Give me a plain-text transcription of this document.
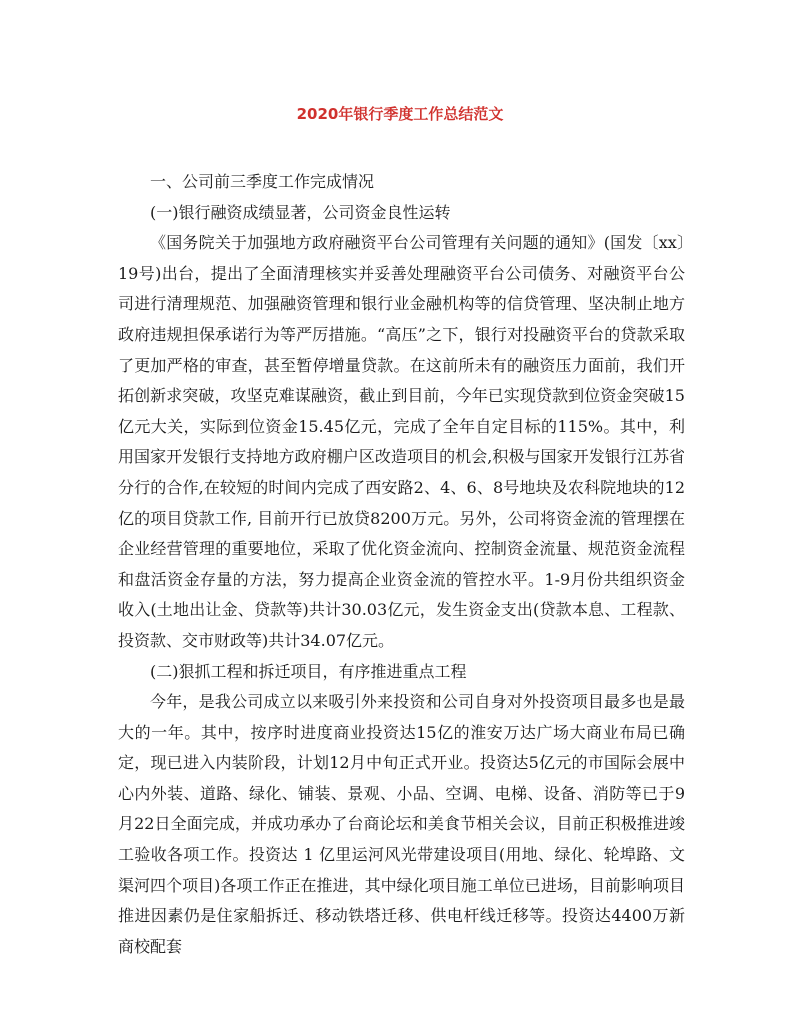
2020年银行季度工作总结范文

一、公司前三季度工作完成情况

(一)银行融资成绩显著，公司资金良性运转

《国务院关于加强地方政府融资平台公司管理有关问题的通知》(国发〔xx〕19号)出台，提出了全面清理核实并妥善处理融资平台公司债务、对融资平台公司进行清理规范、加强融资管理和银行业金融机构等的信贷管理、坚决制止地方政府违规担保承诺行为等严厉措施。“高压”之下，银行对投融资平台的贷款采取了更加严格的审查，甚至暂停增量贷款。在这前所未有的融资压力面前，我们开拓创新求突破，攻坚克难谋融资，截止到目前，今年已实现贷款到位资金突破15亿元大关，实际到位资金15.45亿元，完成了全年自定目标的115%。其中，利用国家开发银行支持地方政府棚户区改造项目的机会,积极与国家开发银行江苏省分行的合作,在较短的时间内完成了西安路2、4、6、8号地块及农科院地块的12亿的项目贷款工作, 目前开行已放贷8200万元。另外，公司将资金流的管理摆在企业经营管理的重要地位，采取了优化资金流向、控制资金流量、规范资金流程和盘活资金存量的方法，努力提高企业资金流的管控水平。1-9月份共组织资金收入(土地出让金、贷款等)共计30.03亿元，发生资金支出(贷款本息、工程款、投资款、交市财政等)共计34.07亿元。

(二)狠抓工程和拆迁项目，有序推进重点工程

今年，是我公司成立以来吸引外来投资和公司自身对外投资项目最多也是最大的一年。其中，按序时进度商业投资达15亿的淮安万达广场大商业布局已确定，现已进入内装阶段，计划12月中旬正式开业。投资达5亿元的市国际会展中心内外装、道路、绿化、铺装、景观、小品、空调、电梯、设备、消防等已于9月22日全面完成，并成功承办了台商论坛和美食节相关会议，目前正积极推进竣工验收各项工作。投资达 1 亿里运河风光带建设项目(用地、绿化、轮埠路、文渠河四个项目)各项工作正在推进，其中绿化项目施工单位已进场，目前影响项目推进因素仍是住家船拆迁、移动铁塔迁移、供电杆线迁移等。投资达4400万新商校配套
